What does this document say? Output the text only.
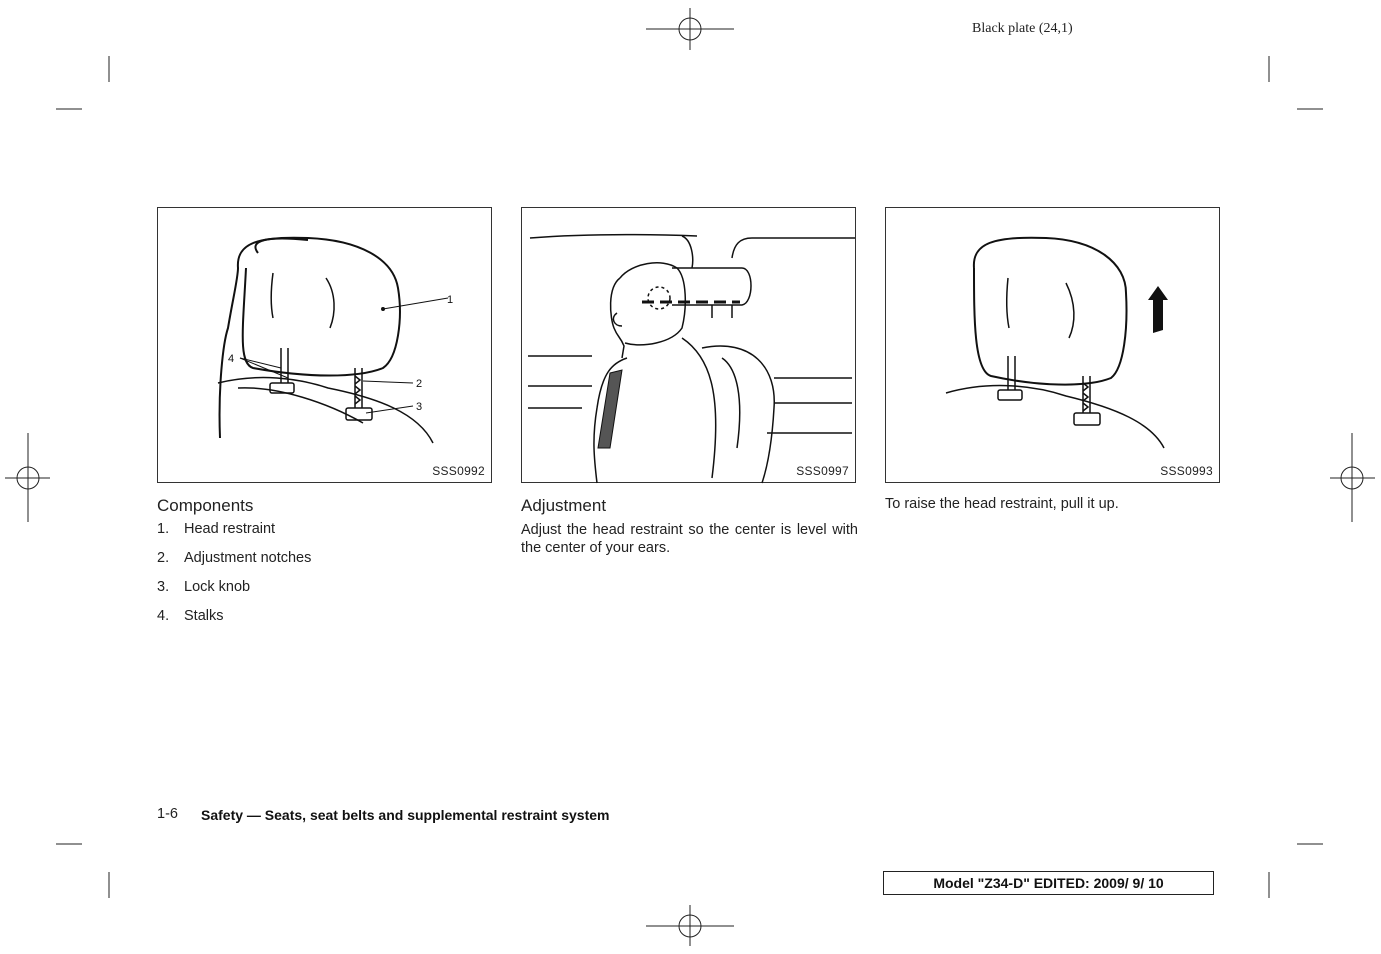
Black plate (24,1)
1
2
3
4
SSS0992	SSS0997	SSS0993
Components
1. Head restraint
2. Adjustment notches
3. Lock knob
4. Stalks
Adjustment
Adjust the head restraint so the center is level with the center of your ears.
To raise the head restraint, pull it up.
1-6 Safety — Seats, seat belts and supplemental restraint system
Model "Z34-D" EDITED: 2009/ 9/ 10
